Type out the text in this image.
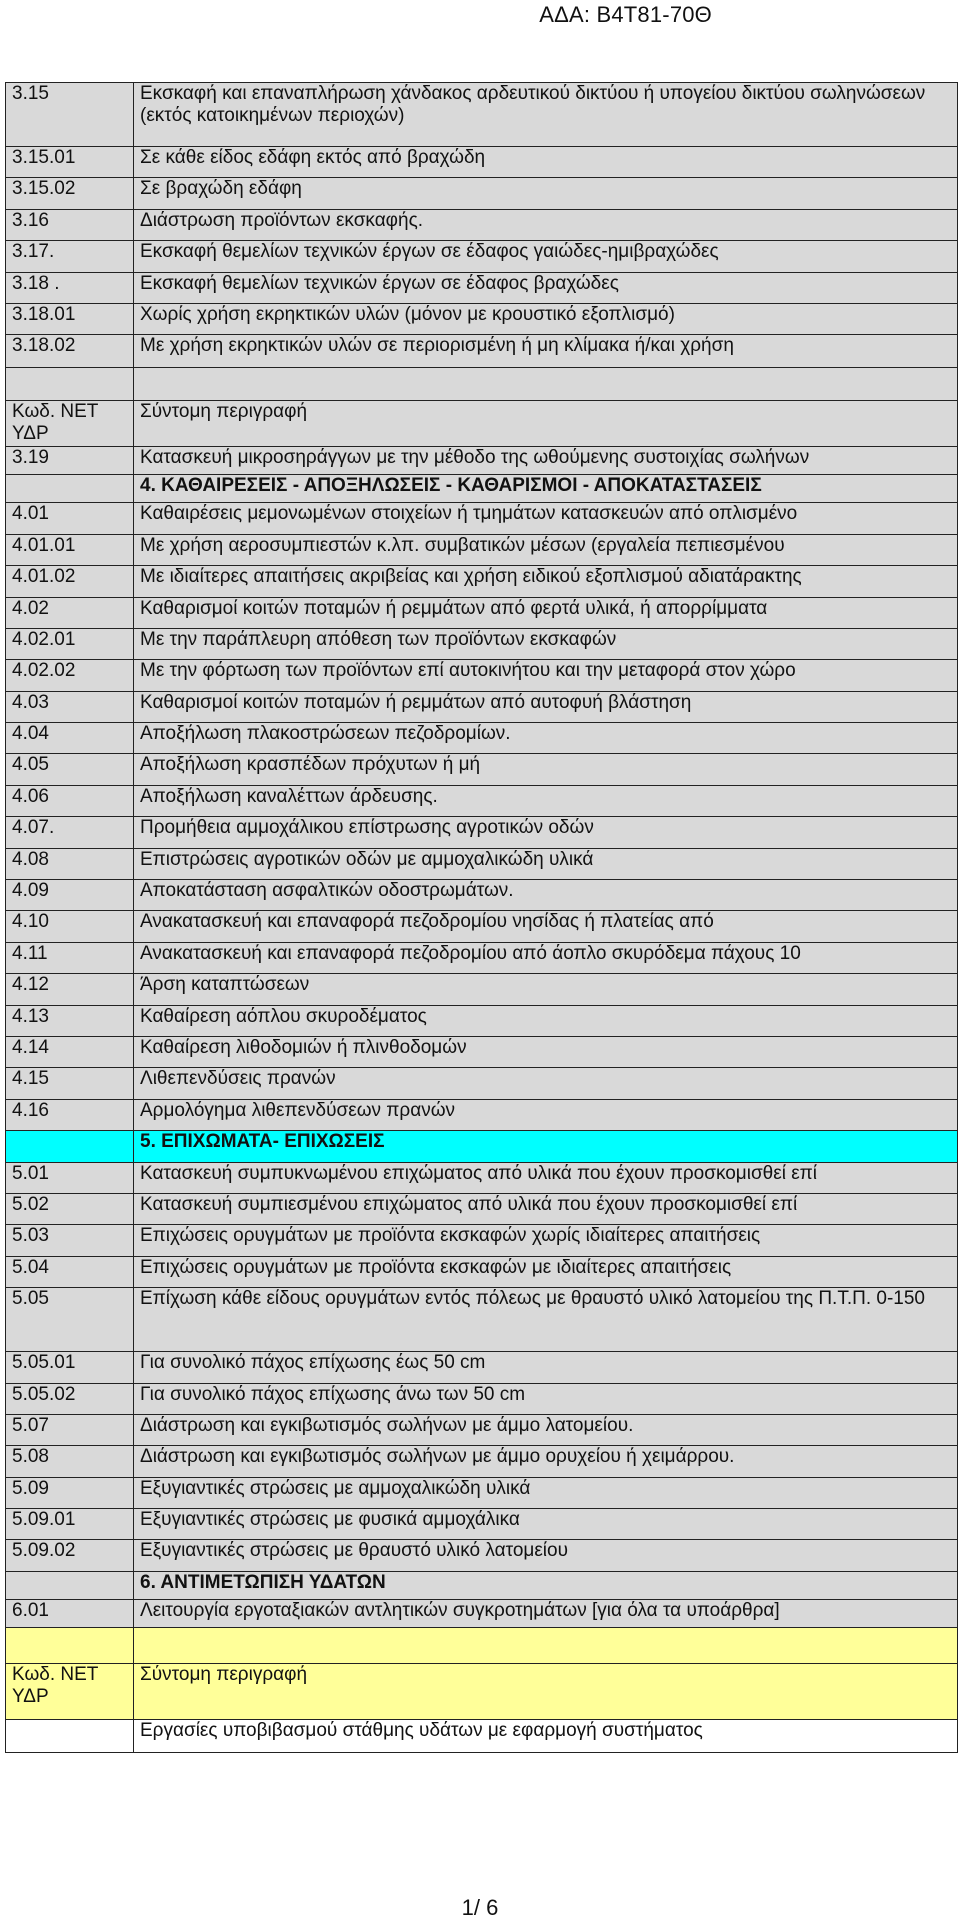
ΑΔΑ: Β4Τ81-70Θ
3.15	Εκσκαφή και επαναπλήρωση χάνδακος αρδευτικού δικτύου ή υπογείου δικτύου σωληνώσεων (εκτός κατοικημένων περιοχών)
3.15.01	Σε κάθε είδος εδάφη εκτός από βραχώδη
3.15.02	Σε βραχώδη εδάφη
3.16	Διάστρωση προϊόντων εκσκαφής.
3.17.	Εκσκαφή θεμελίων τεχνικών έργων σε έδαφος γαιώδες-ημιβραχώδες
3.18 .	Εκσκαφή θεμελίων τεχνικών έργων σε έδαφος βραχώδες
3.18.01	Χωρίς χρήση εκρηκτικών υλών (μόνον με κρουστικό εξοπλισμό)
3.18.02	Με χρήση εκρηκτικών υλών σε περιορισμένη ή μη κλίμακα ή/και χρήση

Κωδ. ΝΕΤ ΥΔΡ	Σύντομη περιγραφή
3.19	Κατασκευή μικροσηράγγων με την μέθοδο της ωθούμενης συστοιχίας σωλήνων
	4. ΚΑΘΑΙΡΕΣΕΙΣ - ΑΠΟΞΗΛΩΣΕΙΣ - ΚΑΘΑΡΙΣΜΟΙ - ΑΠΟΚΑΤΑΣΤΑΣΕΙΣ
4.01	Καθαιρέσεις μεμονωμένων στοιχείων ή τμημάτων κατασκευών από οπλισμένο
4.01.01	Με χρήση αεροσυμπιεστών κ.λπ. συμβατικών μέσων (εργαλεία πεπιεσμένου
4.01.02	Με ιδιαίτερες απαιτήσεις ακριβείας και χρήση ειδικού εξοπλισμού αδιατάρακτης
4.02	Καθαρισμοί κοιτών ποταμών ή ρεμμάτων από φερτά υλικά, ή απορρίμματα
4.02.01	Με την παράπλευρη απόθεση των προϊόντων εκσκαφών
4.02.02	Με την φόρτωση των προϊόντων επί αυτοκινήτου και την μεταφορά στον χώρο
4.03	Καθαρισμοί κοιτών ποταμών ή ρεμμάτων από αυτοφυή βλάστηση
4.04	Αποξήλωση πλακοστρώσεων πεζοδρομίων.
4.05	Αποξήλωση κρασπέδων πρόχυτων ή μή
4.06	Αποξήλωση καναλέττων άρδευσης.
4.07.	Προμήθεια αμμοχάλικου επίστρωσης αγροτικών οδών
4.08	Επιστρώσεις αγροτικών οδών με αμμοχαλικώδη υλικά
4.09	Αποκατάσταση ασφαλτικών οδοστρωμάτων.
4.10	Ανακατασκευή και επαναφορά πεζοδρομίου νησίδας ή πλατείας από
4.11	Ανακατασκευή και επαναφορά πεζοδρομίου από άοπλο σκυρόδεμα πάχους 10
4.12	Άρση καταπτώσεων
4.13	Καθαίρεση αόπλου σκυροδέματος
4.14	Καθαίρεση λιθοδομιών ή πλινθοδομών
4.15	Λιθεπενδύσεις πρανών
4.16	Αρμολόγημα λιθεπενδύσεων πρανών
	5. ΕΠΙΧΩΜΑΤΑ- ΕΠΙΧΩΣΕΙΣ
5.01	Κατασκευή συμπυκνωμένου επιχώματος από υλικά που έχουν προσκομισθεί επί
5.02	Κατασκευή συμπιεσμένου επιχώματος από υλικά που έχουν προσκομισθεί επί
5.03	Επιχώσεις ορυγμάτων με προϊόντα εκσκαφών χωρίς ιδιαίτερες απαιτήσεις
5.04	Επιχώσεις ορυγμάτων με προϊόντα εκσκαφών με ιδιαίτερες απαιτήσεις
5.05	Επίχωση κάθε είδους ορυγμάτων εντός πόλεως με θραυστό υλικό λατομείου της Π.Τ.Π. 0-150
5.05.01	Για συνολικό πάχος επίχωσης έως 50 cm
5.05.02	Για συνολικό πάχος επίχωσης άνω των 50 cm
5.07	Διάστρωση και εγκιβωτισμός σωλήνων με άμμο λατομείου.
5.08	Διάστρωση και εγκιβωτισμός σωλήνων με άμμο ορυχείου ή χειμάρρου.
5.09	Εξυγιαντικές στρώσεις με αμμοχαλικώδη υλικά
5.09.01	Εξυγιαντικές στρώσεις με φυσικά αμμοχάλικα
5.09.02	Εξυγιαντικές στρώσεις με θραυστό υλικό λατομείου
	6. ΑΝΤΙΜΕΤΩΠΙΣΗ ΥΔΑΤΩΝ
6.01	Λειτουργία εργοταξιακών αντλητικών συγκροτημάτων [για όλα τα υποάρθρα]

Κωδ. ΝΕΤ ΥΔΡ	Σύντομη περιγραφή
	Εργασίες υποβιβασμού στάθμης υδάτων με εφαρμογή συστήματος
1/ 6
